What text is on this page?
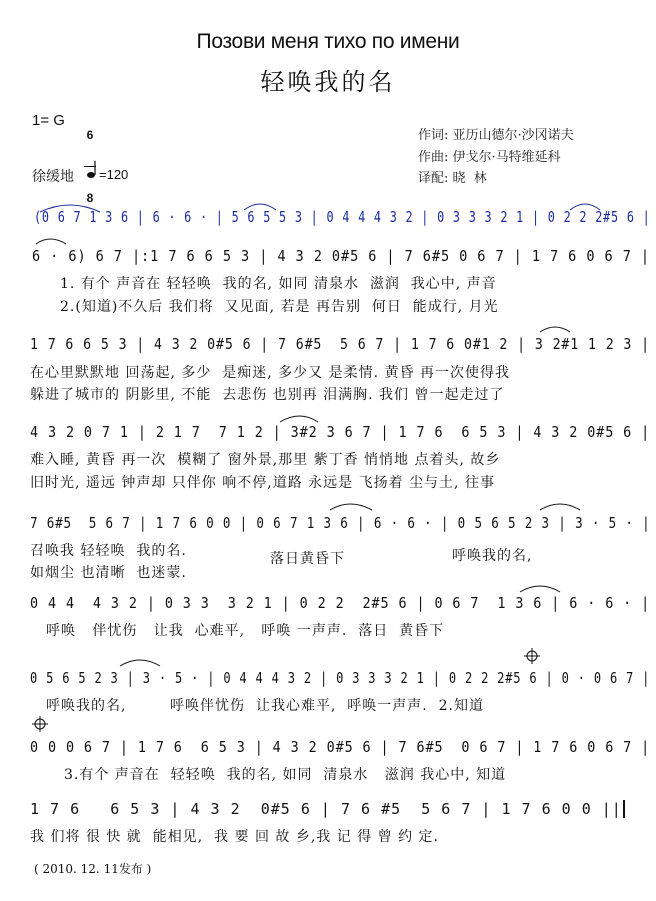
Позови меня тихо по имени
轻唤我的名
1= G

6

8

作词: 亚历山德尔·沙冈诺夫
作曲: 伊戈尔·马特维延科
译配: 晓  林
徐缓地 =120
(0 6 7 1 3 6 | 6 · 6 · | 5 6 5 5 3 | 0 4 4 4 3 2 | 0 3 3 3 2 1 | 0 2 2 2#5 6 |
6 · 6) 6 7 |:1 7 6 6 5 3 | 4 3 2 0#5 6 | 7 6#5 0 6 7 | 1 7 6 0 6 7 |
1. 有个 声音在 轻轻唤  我的名, 如同 清泉水  滋润  我心中, 声音
2.(知道)不久后 我们将  又见面, 若是 再告别  何日  能成行, 月光
1 7 6 6 5 3 | 4 3 2 0#5 6 | 7 6#5  5 6 7 | 1 7 6 0#1 2 | 3 2#1 1 2 3 |
在心里默默地 回荡起, 多少  是痴迷, 多少又 是柔情. 黄昏 再一次使得我
躲进了城市的 阴影里, 不能  去悲伤 也别再 泪满胸. 我们 曾一起走过了
4 3 2 0 7 1 | 2 1 7  7 1 2 | 3#2 3 6 7 | 1 7 6  6 5 3 | 4 3 2 0#5 6 |
难入睡, 黄昏 再一次  模糊了 窗外景,那里 紫丁香 悄悄地 点着头, 故乡
旧时光, 遥远 钟声却 只伴你 响不停,道路 永远是 飞扬着 尘与土, 往事
7 6#5  5 6 7 | 1 7 6 0 0 | 0 6 7 1 3 6 | 6 · 6 · | 0 5 6 5 2 3 | 3 · 5 · |
召唤我 轻轻唤  我的名.
如烟尘 也清晰  也迷蒙.
落日黄昏下	呼唤我的名,
0 4 4  4 3 2 | 0 3 3  3 2 1 | 0 2 2  2#5 6 | 0 6 7  1 3 6 | 6 · 6 · |
呼唤   伴忧伤   让我  心难平,   呼唤 一声声.  落日  黄昏下
0 5 6 5 2 3 | 3 · 5 · | 0 4 4 4 3 2 | 0 3 3 3 2 1 | 0 2 2 2#5 6 | 0 · 0 6 7 |
呼唤我的名,        呼唤伴忧伤  让我心难平,  呼唤一声声.  2.知道
0 0 0 6 7 | 1 7 6  6 5 3 | 4 3 2 0#5 6 | 7 6#5  0 6 7 | 1 7 6 0 6 7 |
3.有个 声音在  轻轻唤  我的名, 如同  清泉水   滋润 我心中, 知道
1 7 6   6 5 3 | 4 3 2  0#5 6 | 7 6 #5  5 6 7 | 1 7 6 0 0 ||
我 们将 很 快 就  能相见,  我 要 回 故 乡,我 记 得 曾 约 定.
( 2010. 12. 11发布 )
